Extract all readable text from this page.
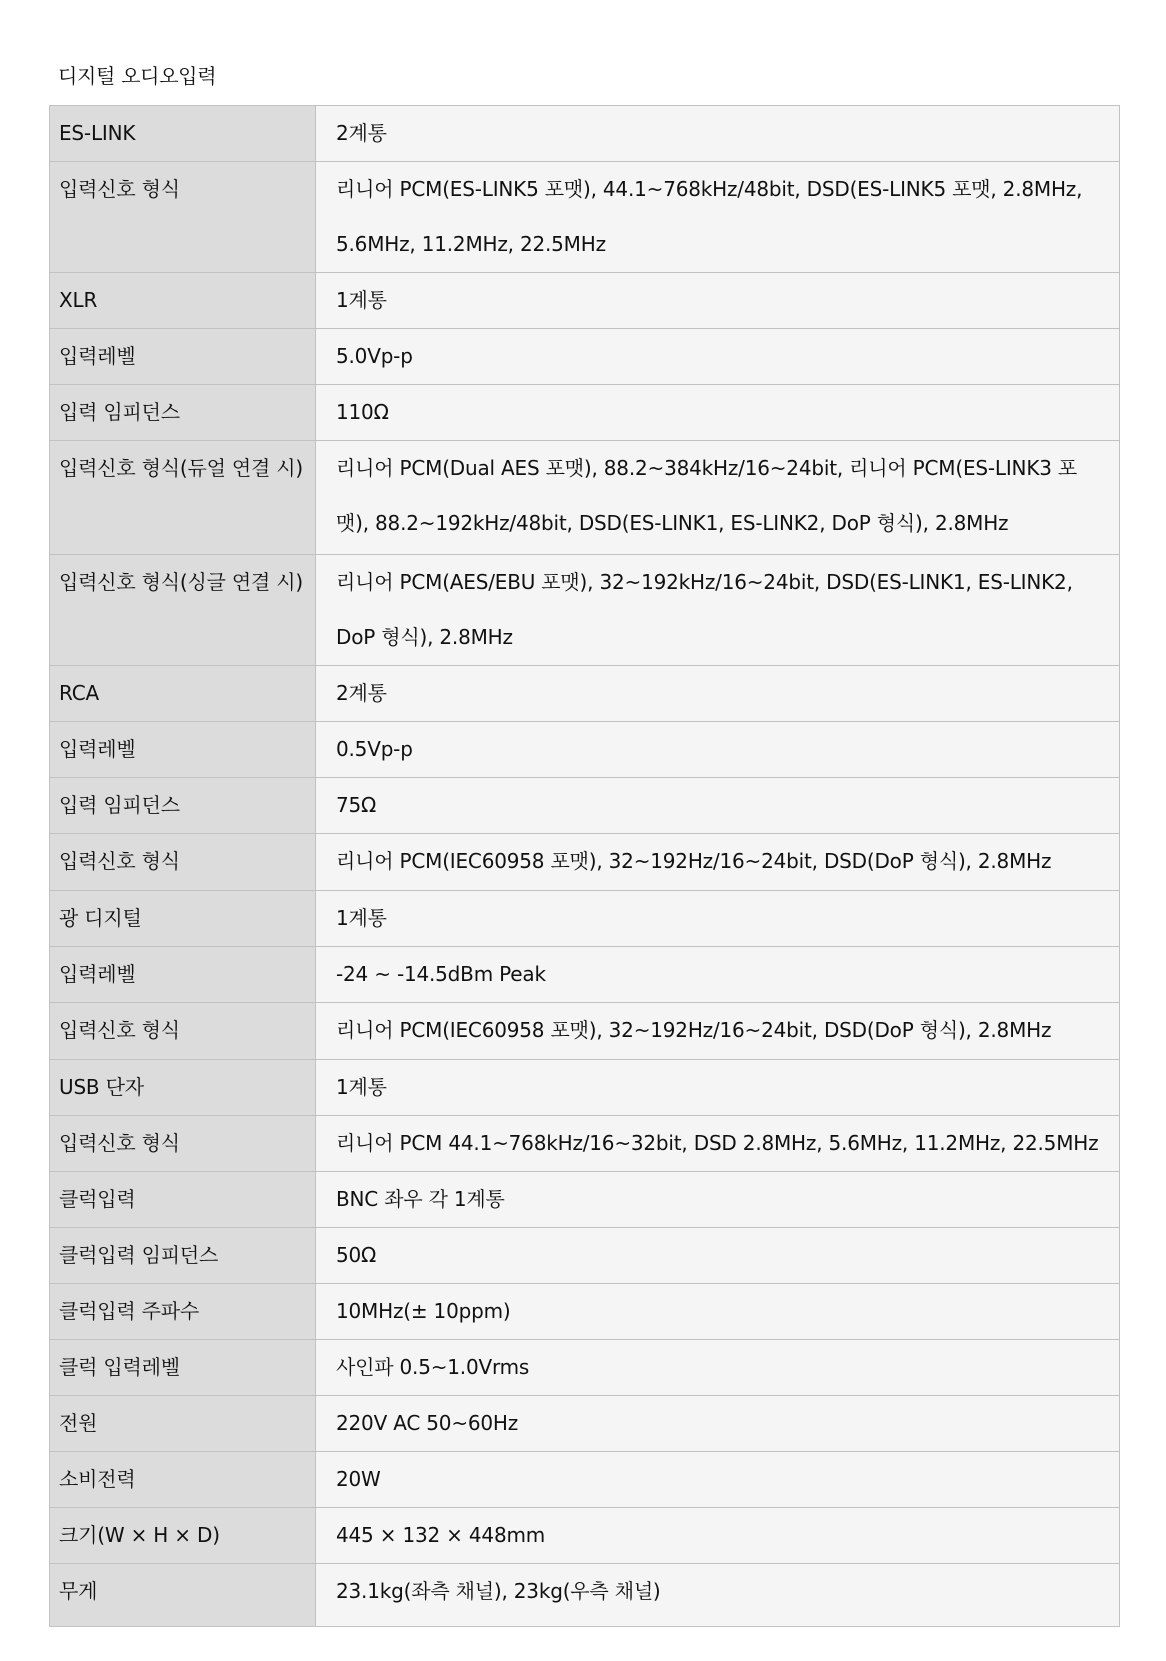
디지털 오디오입력
ES-LINK	2계통

입력신호 형식	리니어 PCM(ES-LINK5 포맷), 44.1~768kHz/48bit, DSD(ES-LINK5 포맷, 2.8MHz, 5.6MHz, 11.2MHz, 22.5MHz

XLR	1계통

입력레벨	5.0Vp-p

입력 임피던스	110Ω

입력신호 형식(듀얼 연결 시)	리니어 PCM(Dual AES 포맷), 88.2~384kHz/16~24bit, 리니어 PCM(ES-LINK3 포맷), 88.2~192kHz/48bit, DSD(ES-LINK1, ES-LINK2, DoP 형식), 2.8MHz

입력신호 형식(싱글 연결 시)	리니어 PCM(AES/EBU 포맷), 32~192kHz/16~24bit, DSD(ES-LINK1, ES-LINK2, DoP 형식), 2.8MHz

RCA	2계통

입력레벨	0.5Vp-p

입력 임피던스	75Ω

입력신호 형식	리니어 PCM(IEC60958 포맷), 32~192Hz/16~24bit, DSD(DoP 형식), 2.8MHz

광 디지털	1계통

입력레벨	-24 ~ -14.5dBm Peak

입력신호 형식	리니어 PCM(IEC60958 포맷), 32~192Hz/16~24bit, DSD(DoP 형식), 2.8MHz

USB 단자	1계통

입력신호 형식	리니어 PCM 44.1~768kHz/16~32bit, DSD 2.8MHz, 5.6MHz, 11.2MHz, 22.5MHz

클럭입력	BNC 좌우 각 1계통

클럭입력 임피던스	50Ω

클럭입력 주파수	10MHz(± 10ppm)

클럭 입력레벨	사인파 0.5~1.0Vrms

전원	220V AC 50~60Hz

소비전력	20W

크기(W × H × D)	445 × 132 × 448mm

무게	23.1kg(좌측 채널), 23kg(우측 채널)
